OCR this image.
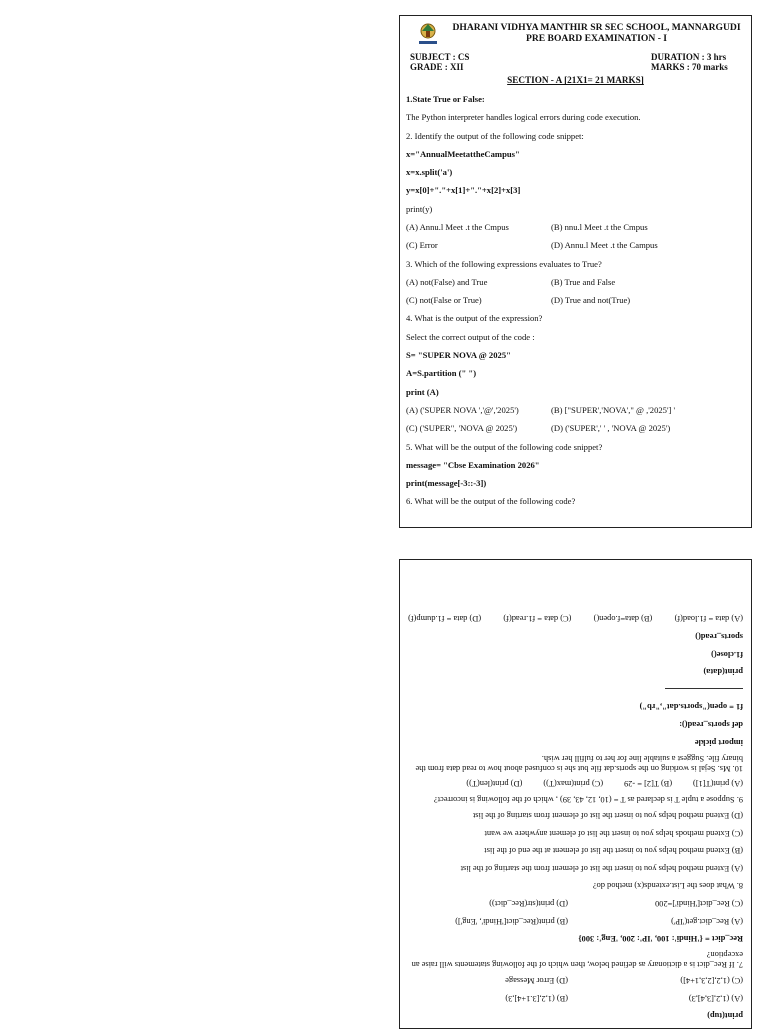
DHARANI VIDHYA MANTHIR SR SEC SCHOOL, MANNARGUDI
PRE BOARD EXAMINATION - I
SUBJECT : CS
GRADE : XII
DURATION : 3 hrs
MARKS : 70 marks
SECTION - A [21X1= 21 MARKS]
1.State True or False:
The Python interpreter handles logical errors during code execution.
2. Identify the output of the following code snippet:
x="AnnualMeetattheCampus"
x=x.split('a')
y=x[0]+"."+x[1]+"."+x[2]+x[3]
print(y)
(A) Annu.l Meet .t the Cmpus	(B) nnu.l Meet .t the Cmpus
(C) Error	(D) Annu.l Meet .t the Campus
3. Which of the following expressions evaluates to True?
(A) not(False) and True	(B) True and False
(C) not(False or True)	(D) True and not(True)
4. What is the output of the expression?
Select the correct output of the code :
S= "SUPER NOVA @ 2025"
A=S.partition (" ")
print (A)
(A) ('SUPER NOVA ','@','2025')	(B) ["SUPER','NOVA'," @ ,'2025'] '
(C) ('SUPER", 'NOVA @ 2025')	(D) ('SUPER',' ' , 'NOVA @ 2025')
5. What will be the output of the following code snippet?
message= "Cbse Examination 2026"
print(message[-3::-3])
6. What will be the output of the following code?
print(tup)
(A) (1,2,[3,4],3)
(B) (1,2,[3.1+4],3)
(C) (1,2,[2,3,1+4])
(D) Error Message
7. If Rec_dict is a dictionary as defined below, then which of the following statements will raise an exception?
Rec_dict = {'Hindi': 100, 'IP': 200, 'Eng': 300}
(A) Rec_dict.get('IP')
(B) print(Rec_dict['Hindi', 'Eng'])
(C) Rec_dict['Hindi']=200
(D) print(str(Rec_dict))
8. What does the List.extends(x) method do?
(A) Extend method helps you to insert the list of element from the starting of the list
(B) Extend method helps you to insert the list of element at the end of the list
(C) Extend methods helps you to insert the list of element anywhere we want
(D) Extend method helps you to insert the list of element from starting of the list
9. Suppose a tuple T is declared as T = (10, 12, 43, 39) , which of the following is incorrect?
(A) print(T[1])          (B) T[2] = -29          (C) print(max(T))          (D) print(len(T))
10. Ms. Sejal is working on the sports.dat file but she is confused about how to read data from the binary file. Suggest a suitable line for her to fulfill her wish.
import pickle
def sports_read():
f1 = open("sports.dat","rb")
print(data)
f1.close()
sports_read()
(A) data = f1.load(f)
(B) data=f.open()
(C) data = f1.read(f)
(D) data = f1.dump(f)
